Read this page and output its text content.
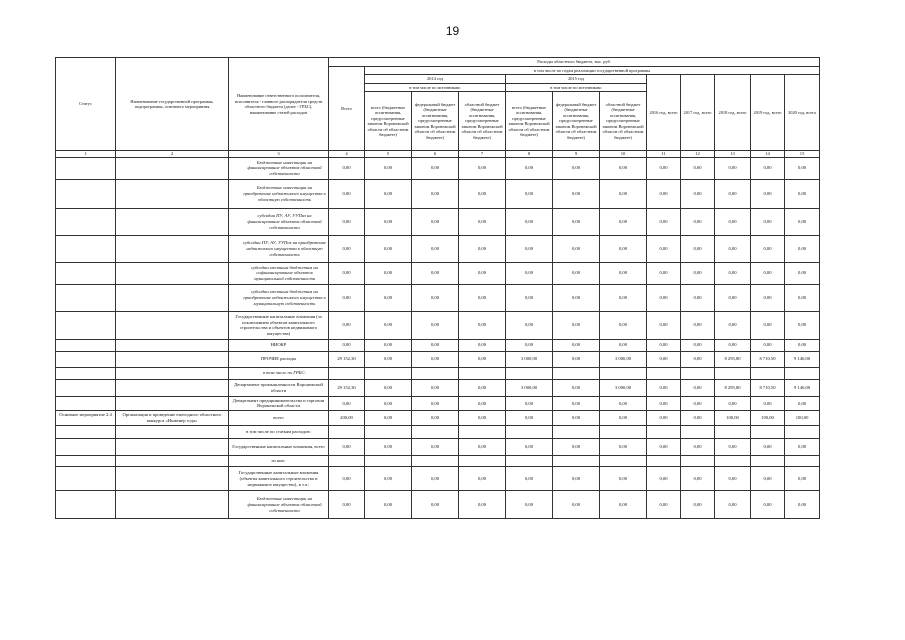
19
Статус	Наименование государственной программы, подпрограммы, основного мероприятия	Наименование ответственного исполнителя, исполнителя - главного распорядителя средств областного бюджета (далее - ГРБС), наименование статей расходов	Расходы областного бюджета, тыс. руб.											
			Всего	в том числе по годам реализации государственной программы										
				2014 год			2015 год			2016 год, всего	2017 год, всего	2018 год, всего	2019 год, всего	2020 год, всего
				в том числе по источникам:			в том числе по источникам:							
				всего (бюджетные ассигнования, предусмотренные законом Воронежской области об областном бюджете)	федеральный бюджет (бюджетные ассигнования, предусмотренные законом Воронежской области об областном бюджете)	областной бюджет (бюджетные ассигнования, предусмотренные законом Воронежской области об областном бюджете)	всего (бюджетные ассигнования, предусмотренные законом Воронежской области об областном бюджете)	федеральный бюджет (бюджетные ассигнования, предусмотренные законом Воронежской области об областном бюджете)	областной бюджет (бюджетные ассигнования, предусмотренные законом Воронежской области об областном бюджете)					
1	2	3	4	5	6	7	8	9	10	11	12	13	14	15
		Бюджетные инвестиции на финансирование объектов областной собственности	0,00	0,00	0,00	0,00	0,00	0,00	0,00	0,00	0,00	0,00	0,00	0,00
		Бюджетные инвестиции на приобретение недвижимого имущества в областную собственность	0,00	0,00	0,00	0,00	0,00	0,00	0,00	0,00	0,00	0,00	0,00	0,00
		субсидии ПУ, АУ, УУПиз на финансирование объектов областной собственности	0,00	0,00	0,00	0,00	0,00	0,00	0,00	0,00	0,00	0,00	0,00	0,00
		субсидии ПУ, АУ, УУПиз на приобретение недвижимого имущества в областную собственность	0,00	0,00	0,00	0,00	0,00	0,00	0,00	0,00	0,00	0,00	0,00	0,00
		субсидии местным бюджетам на софинансирование объектов муниципальной собственности	0,00	0,00	0,00	0,00	0,00	0,00	0,00	0,00	0,00	0,00	0,00	0,00
		субсидии местным бюджетам на приобретение недвижимого имущества в муниципальную собственность	0,00	0,00	0,00	0,00	0,00	0,00	0,00	0,00	0,00	0,00	0,00	0,00
		Государственные капитальные вложения (за исключением объектов капитального строительства и объектов недвижимого имущества)	0,00	0,00	0,00	0,00	0,00	0,00	0,00	0,00	0,00	0,00	0,00	0,00
		НИОКР	0,00	0,00	0,00	0,00	0,00	0,00	0,00	0,00	0,00	0,00	0,00	0,00
		ПРОЧИЕ расходы	29 152,30	0,00	0,00	0,00	3 000,00	0,00	3 000,00	0,00	0,00	8 295,80	8 710,50	9 146,00
		в том числе по ГРБС:												
		Департамент промышленности Воронежской области	29 152,30	0,00	0,00	0,00	3 000,00	0,00	3 000,00	0,00	0,00	8 295,80	8 710,50	9 146,00
		Департамент предпринимательства и торговли Воронежской области	0,00	0,00	0,00	0,00	0,00	0,00	0,00	0,00	0,00	0,00	0,00	0,00
Основное мероприятие 2.4	Организация и проведение ежегодного областного конкурса «Инженер года»	всего	200,00	0,00	0,00	0,00	0,00	0,00	0,00	0,00	0,00	100,00	100,00	100,00
		в том числе по статьям расходов:												
		Государственные капитальные вложения, всего	0,00	0,00	0,00	0,00	0,00	0,00	0,00	0,00	0,00	0,00	0,00	0,00
		из них:												
		Государственные капитальные вложения (объекты капитального строительства и недвижимое имущество), в т.ч.:	0,00	0,00	0,00	0,00	0,00	0,00	0,00	0,00	0,00	0,00	0,00	0,00
		Бюджетные инвестиции на финансирование объектов областной собственности	0,00	0,00	0,00	0,00	0,00	0,00	0,00	0,00	0,00	0,00	0,00	0,00
